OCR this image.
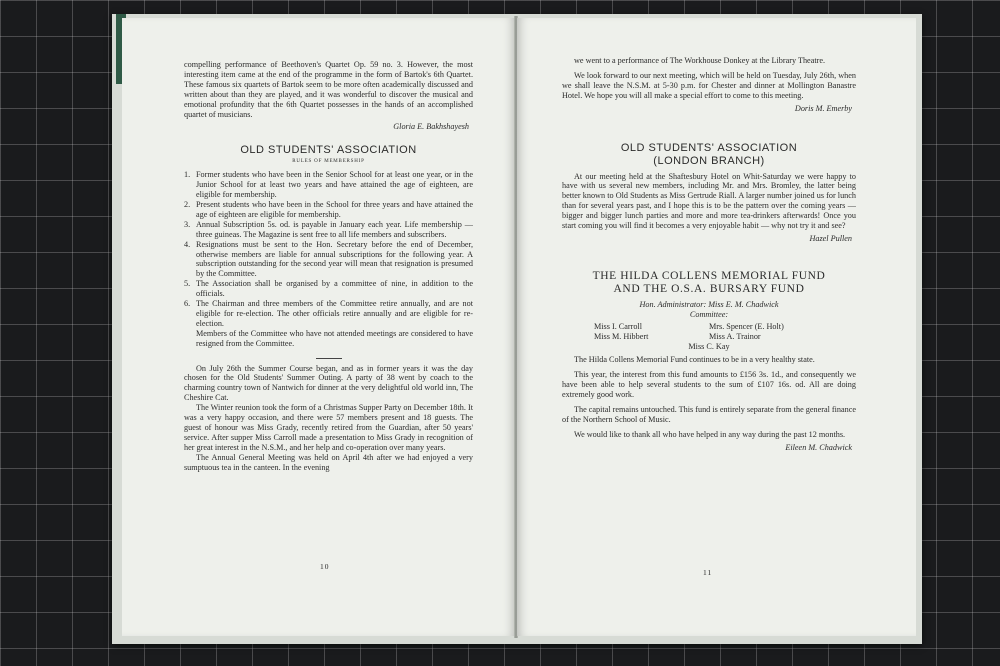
compelling performance of Beethoven's Quartet Op. 59 no. 3. However, the most interesting item came at the end of the programme in the form of Bartok's 6th Quartet. These famous six quartets of Bartok seem to be more often academically discussed and written about than they are played, and it was wonderful to discover the musical and emotional profundity that the 6th Quartet possesses in the hands of an accomplished quartet of musicians.

Gloria E. Bakhshayesh

OLD STUDENTS' ASSOCIATION
RULES OF MEMBERSHIP
1. Former students who have been in the Senior School for at least one year, or in the Junior School for at least two years and have attained the age of eighteen, are eligible for membership.
2. Present students who have been in the School for three years and have attained the age of eighteen are eligible for membership.
3. Annual Subscription 5s. od. is payable in January each year. Life membership — three guineas. The Magazine is sent free to all life members and subscribers.
4. Resignations must be sent to the Hon. Secretary before the end of December, otherwise members are liable for annual subscriptions for the following year. A subscription outstanding for the second year will mean that resignation is presumed by the Committee.
5. The Association shall be organised by a committee of nine, in addition to the officials.
6. The Chairman and three members of the Committee retire annually, and are not eligible for re-election. The other officials retire annually and are eligible for re-election.

Members of the Committee who have not attended meetings are considered to have resigned from the Committee.

On July 26th the Summer Course began, and as in former years it was the day chosen for the Old Students' Summer Outing. A party of 38 went by coach to the charming country town of Nantwich for dinner at the very delightful old world inn, The Cheshire Cat.

The Winter reunion took the form of a Christmas Supper Party on December 18th. It was a very happy occasion, and there were 57 members present and 18 guests. The guest of honour was Miss Grady, recently retired from the Guardian, after 50 years' service. After supper Miss Carroll made a presentation to Miss Grady in recognition of her great interest in the N.S.M., and her help and co-operation over many years.

The Annual General Meeting was held on April 4th after we had enjoyed a very sumptuous tea in the canteen. In the evening

10

we went to a performance of The Workhouse Donkey at the Library Theatre.

We look forward to our next meeting, which will be held on Tuesday, July 26th, when we shall leave the N.S.M. at 5-30 p.m. for Chester and dinner at Mollington Banastre Hotel. We hope you will all make a special effort to come to this meeting.

Doris M. Emerby

OLD STUDENTS' ASSOCIATION
(LONDON BRANCH)

At our meeting held at the Shaftesbury Hotel on Whit-Saturday we were happy to have with us several new members, including Mr. and Mrs. Bromley, the latter being better known to Old Students as Miss Gertrude Riall. A larger number joined us for lunch than for several years past, and I hope this is to be the pattern over the coming years — bigger and bigger lunch parties and more and more tea-drinkers afterwards! Once you start coming you will find it becomes a very enjoyable habit — why not try it and see?

Hazel Pullen

THE HILDA COLLENS MEMORIAL FUND
AND THE O.S.A. BURSARY FUND

Hon. Administrator: Miss E. M. Chadwick

Committee:

Miss I. Carroll	Mrs. Spencer (E. Holt)
Miss M. Hibbert	Miss A. Trainor

Miss C. Kay

The Hilda Collens Memorial Fund continues to be in a very healthy state.

This year, the interest from this fund amounts to £156 3s. 1d., and consequently we have been able to help several students to the sum of £107 16s. od. All are doing extremely good work.

The capital remains untouched. This fund is entirely separate from the general finance of the Northern School of Music.

We would like to thank all who have helped in any way during the past 12 months.

Eileen M. Chadwick

11
